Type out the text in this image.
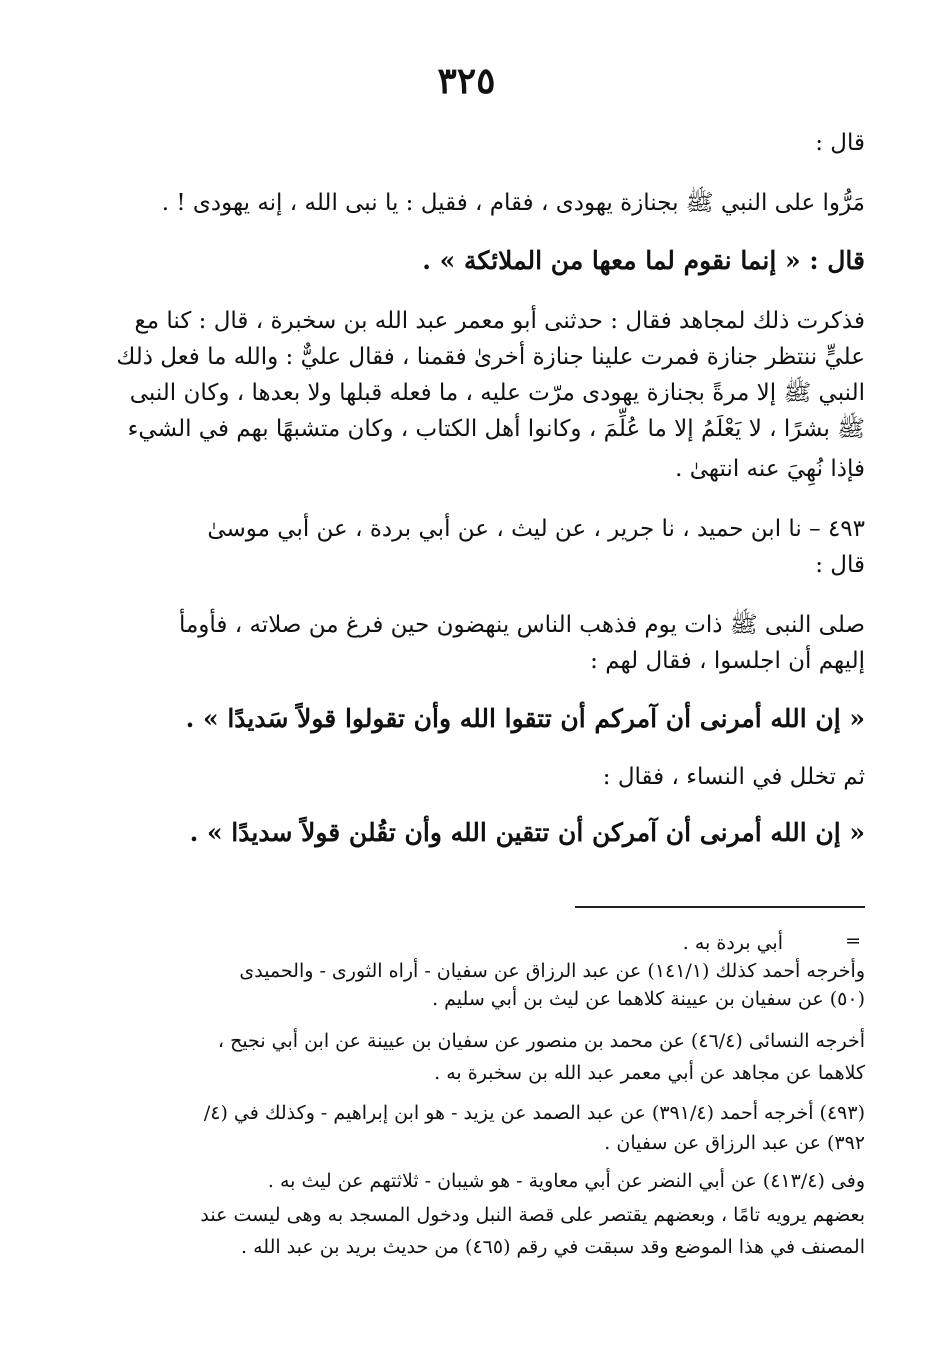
٣٢٥
قال :
مَرُّوا على النبي ﷺ بجنازة يهودى ، فقام ، فقيل : يا نبى الله ، إنه يهودى ! .
قال : « إنما نقوم لما معها من الملائكة » .
فذكرت ذلك لمجاهد فقال : حدثنى أبو معمر عبد الله بن سخبرة ، قال : كنا مع
عليٍّ ننتظر جنازة فمرت علينا جنازة أخرىٰ فقمنا ، فقال عليٌّ : والله ما فعل ذلك
النبي ﷺ إلا مرةً بجنازة يهودى مرّت عليه ، ما فعله قبلها ولا بعدها ، وكان النبى
ﷺ بشرًا ، لا يَعْلَمُ إلا ما عُلِّمَ ، وكانوا أهل الكتاب ، وكان متشبهًا بهم في الشيء
فإذا نُهِيَ عنه انتهىٰ .
٤٩٣ – نا ابن حميد ، نا جرير ، عن ليث ، عن أبي بردة ، عن أبي موسىٰ
قال :
صلى النبى ﷺ ذات يوم فذهب الناس ينهضون حين فرغ من صلاته ، فأومأ
إليهم أن اجلسوا ، فقال لهم :
« إن الله أمرنى أن آمركم أن تتقوا الله وأن تقولوا قولاً سَديدًا » .
ثم تخلل في النساء ، فقال :
« إن الله أمرنى أن آمركن أن تتقين الله وأن تقُلن قولاً سديدًا » .
=
أبي بردة به .
وأخرجه أحمد كذلك (١٤١/١) عن عبد الرزاق عن سفيان - أراه الثورى - والحميدى
(٥٠) عن سفيان بن عيينة كلاهما عن ليث بن أبي سليم .
أخرجه النسائى (٤٦/٤) عن محمد بن منصور عن سفيان بن عيينة عن ابن أبي نجيح ،
كلاهما عن مجاهد عن أبي معمر عبد الله بن سخبرة به .
(٤٩٣) أخرجه أحمد (٣٩١/٤) عن عبد الصمد عن يزيد - هو ابن إبراهيم - وكذلك في (٤/
٣٩٢) عن عبد الرزاق عن سفيان .
وفى (٤١٣/٤) عن أبي النضر عن أبي معاوية - هو شيبان - ثلاثتهم عن ليث به .
بعضهم يرويه تامًا ، وبعضهم يقتصر على قصة النبل ودخول المسجد به وهى ليست عند
المصنف في هذا الموضع وقد سبقت في رقم (٤٦٥) من حديث بريد بن عبد الله .
